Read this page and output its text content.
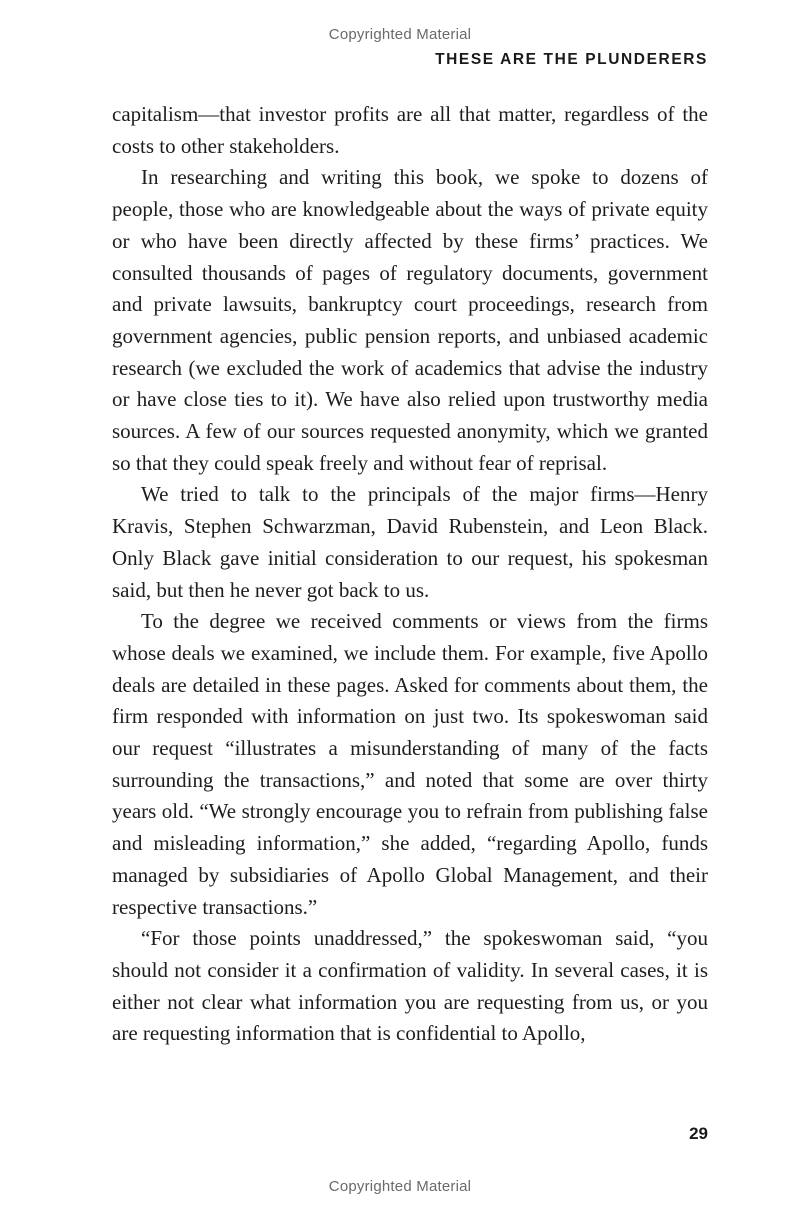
Copyrighted Material
THESE ARE THE PLUNDERERS

capitalism—that investor profits are all that matter, regardless of the costs to other stakeholders.

In researching and writing this book, we spoke to dozens of people, those who are knowledgeable about the ways of private equity or who have been directly affected by these firms’ practices. We consulted thousands of pages of regulatory documents, government and private lawsuits, bankruptcy court proceedings, research from government agencies, public pension reports, and unbiased academic research (we excluded the work of academics that advise the industry or have close ties to it). We have also relied upon trustworthy media sources. A few of our sources requested anonymity, which we granted so that they could speak freely and without fear of reprisal.

We tried to talk to the principals of the major firms—Henry Kravis, Stephen Schwarzman, David Rubenstein, and Leon Black. Only Black gave initial consideration to our request, his spokesman said, but then he never got back to us.

To the degree we received comments or views from the firms whose deals we examined, we include them. For example, five Apollo deals are detailed in these pages. Asked for comments about them, the firm responded with information on just two. Its spokeswoman said our request “illustrates a misunderstanding of many of the facts surrounding the transactions,” and noted that some are over thirty years old. “We strongly encourage you to refrain from publishing false and misleading information,” she added, “regarding Apollo, funds managed by subsidiaries of Apollo Global Management, and their respective transactions.”

“For those points unaddressed,” the spokeswoman said, “you should not consider it a confirmation of validity. In several cases, it is either not clear what information you are requesting from us, or you are requesting information that is confidential to Apollo,

29
Copyrighted Material
